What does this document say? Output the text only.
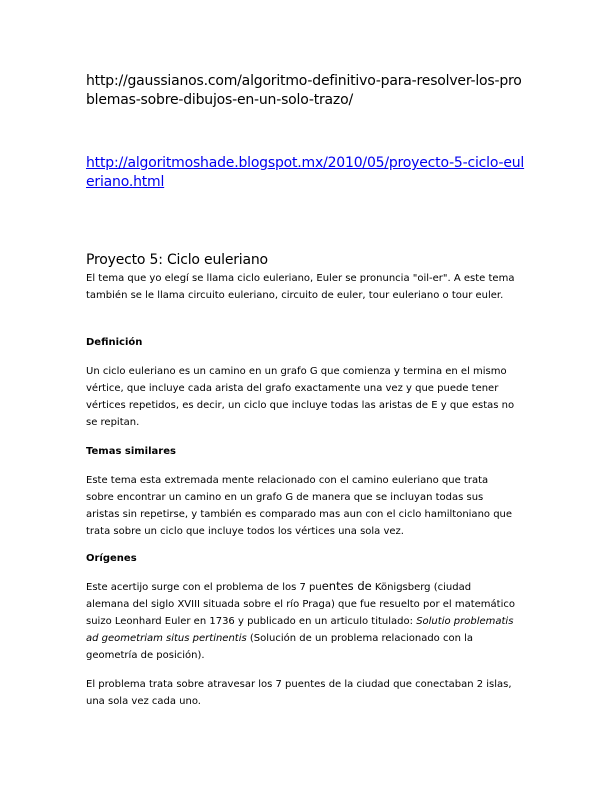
http://gaussianos.com/algoritmo-definitivo-para-resolver-los-problemas-sobre-dibujos-en-un-solo-trazo/
http://algoritmoshade.blogspot.mx/2010/05/proyecto-5-ciclo-euleriano.html
Proyecto 5: Ciclo euleriano

El tema que yo elegí se llama ciclo euleriano, Euler se pronuncia "oil-er". A este tema también se le llama circuito euleriano, circuito de euler, tour euleriano o tour euler.

Definición

Un ciclo euleriano es un camino en un grafo G que comienza y termina en el mismo vértice, que incluye cada arista del grafo exactamente una vez y que puede tener vértices repetidos, es decir, un ciclo que incluye todas las aristas de E y que estas no se repitan.

Temas similares

Este tema esta extremada mente relacionado con el camino euleriano que trata sobre encontrar un camino en un grafo G de manera que se incluyan todas sus aristas sin repetirse, y también es comparado mas aun con el ciclo hamiltoniano que trata sobre un ciclo que incluye todos los vértices una sola vez.

Orígenes

Este acertijo surge con el problema de los 7 puentes de Königsberg (ciudad alemana del siglo XVIII situada sobre el río Praga) que fue resuelto por el matemático suizo Leonhard Euler en 1736 y publicado en un articulo titulado: Solutio problematis ad geometriam situs pertinentis (Solución de un problema relacionado con la geometría de posición).

El problema trata sobre atravesar los 7 puentes de la ciudad que conectaban 2 islas, una sola vez cada uno.
